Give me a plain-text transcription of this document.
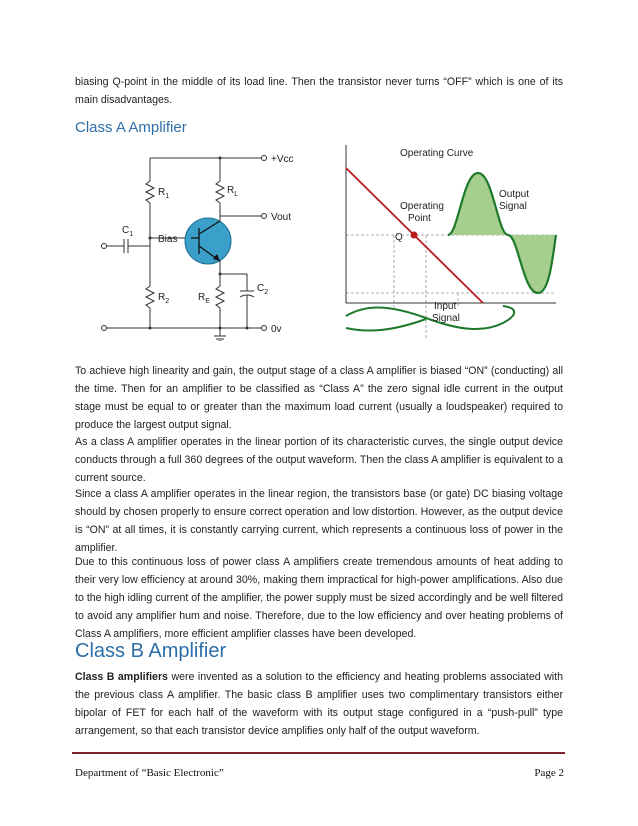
biasing Q-point in the middle of its load line. Then the transistor never turns “OFF” which is one of its main disadvantages.

Class A Amplifier
+Vcc
Vout
0v
$R_1$
$R_2$
$R_L$
$R_E$
$C_1$
$C_2$
Bias
Operating Curve
Output
Signal
Operating
Point
Q
Input
Signal

To achieve high linearity and gain, the output stage of a class A amplifier is biased “ON” (conducting) all the time. Then for an amplifier to be classified as “Class A” the zero signal idle current in the output stage must be equal to or greater than the maximum load current (usually a loudspeaker) required to produce the largest output signal.

As a class A amplifier operates in the linear portion of its characteristic curves, the single output device conducts through a full 360 degrees of the output waveform. Then the class A amplifier is equivalent to a current source.

Since a class A amplifier operates in the linear region, the transistors base (or gate) DC biasing voltage should by chosen properly to ensure correct operation and low distortion. However, as the output device is “ON” at all times, it is constantly carrying current, which represents a continuous loss of power in the amplifier.

Due to this continuous loss of power class A amplifiers create tremendous amounts of heat adding to their very low efficiency at around 30%, making them impractical for high-power amplifications. Also due to the high idling current of the amplifier, the power supply must be sized accordingly and be well filtered to avoid any amplifier hum and noise. Therefore, due to the low efficiency and over heating problems of Class A amplifiers, more efficient amplifier classes have been developed.

Class B Amplifier

Class B amplifiers were invented as a solution to the efficiency and heating problems associated with the previous class A amplifier. The basic class B amplifier uses two complimentary transistors either bipolar of FET for each half of the waveform with its output stage configured in a “push-pull” type arrangement, so that each transistor device amplifies only half of the output waveform.

Department of “Basic Electronic”	Page 2
